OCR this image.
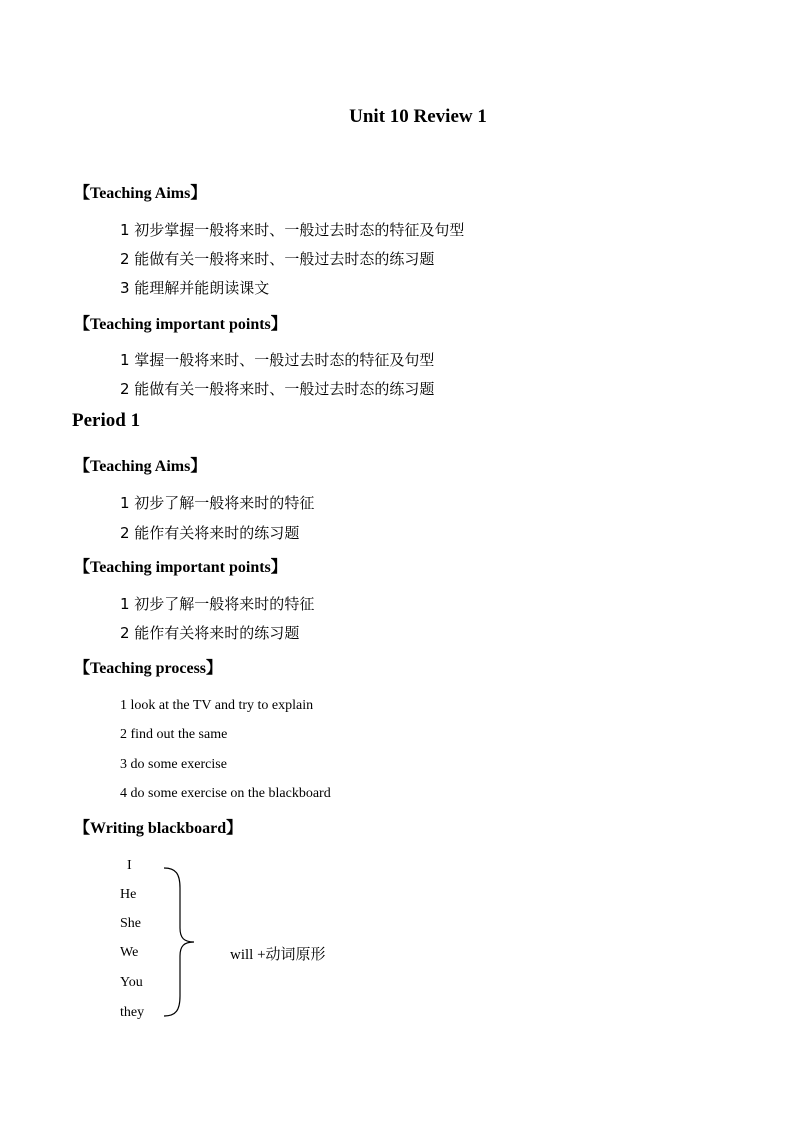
Unit 10 Review 1
【Teaching Aims】
1 初步掌握一般将来时、一般过去时态的特征及句型
2 能做有关一般将来时、一般过去时态的练习题
3 能理解并能朗读课文
【Teaching important points】
1 掌握一般将来时、一般过去时态的特征及句型
2 能做有关一般将来时、一般过去时态的练习题
Period 1
【Teaching Aims】
1 初步了解一般将来时的特征
2 能作有关将来时的练习题
【Teaching important points】
1 初步了解一般将来时的特征
2 能作有关将来时的练习题
【Teaching process】
1 look at the TV and try to explain
2 find out the same
3 do some exercise
4 do some exercise on the blackboard
【Writing blackboard】
I
He
She
We
You
they
will +动词原形
